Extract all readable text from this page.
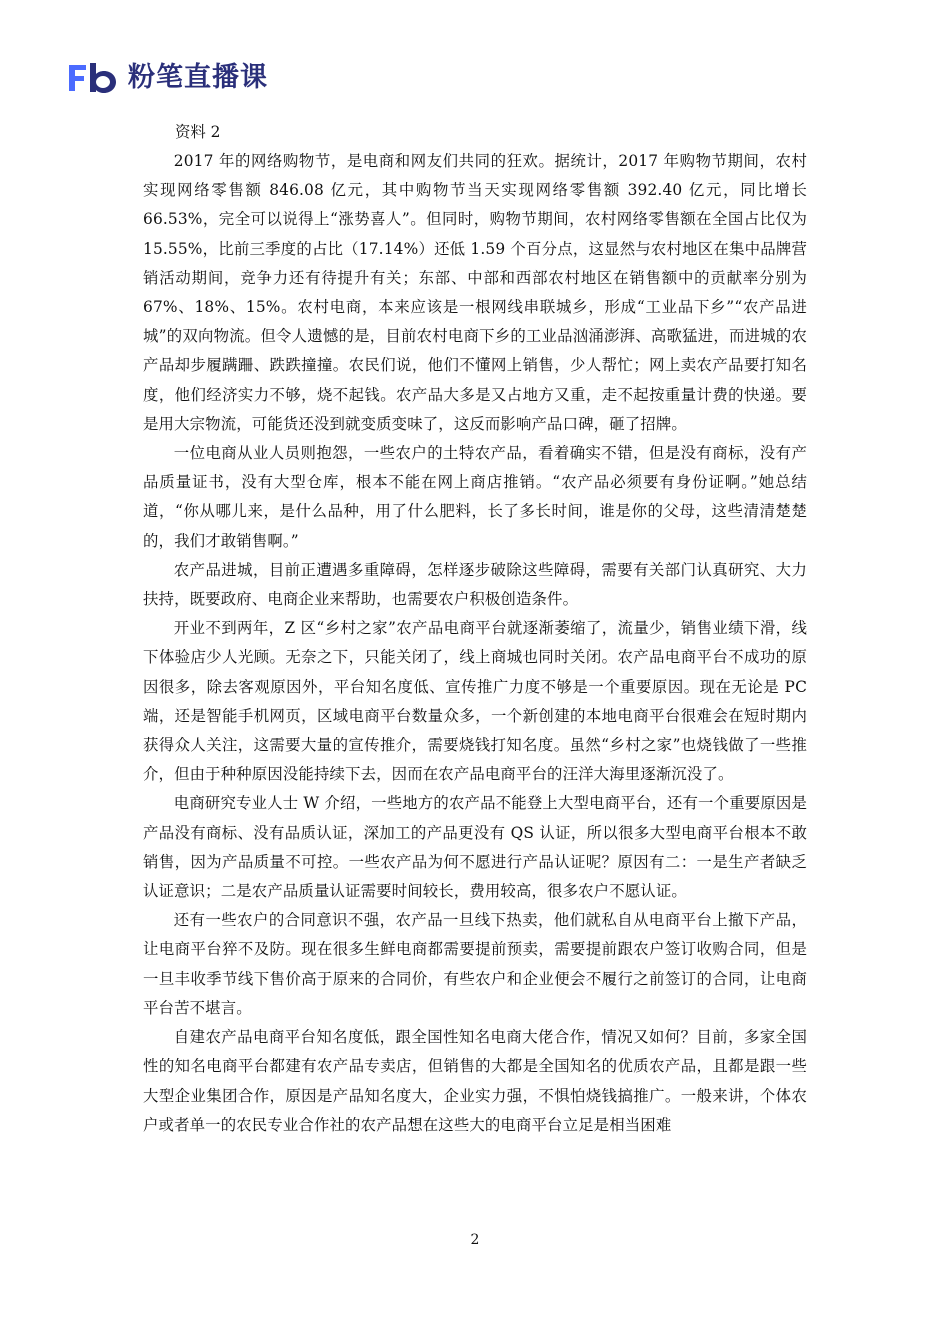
粉笔直播课

资料 2

2017 年的网络购物节，是电商和网友们共同的狂欢。据统计，2017 年购物节期间，农村实现网络零售额 846.08 亿元，其中购物节当天实现网络零售额 392.40 亿元，同比增长 66.53%，完全可以说得上“涨势喜人”。但同时，购物节期间，农村网络零售额在全国占比仅为 15.55%，比前三季度的占比（17.14%）还低 1.59 个百分点，这显然与农村地区在集中品牌营销活动期间，竞争力还有待提升有关；东部、中部和西部农村地区在销售额中的贡献率分别为 67%、18%、15%。农村电商，本来应该是一根网线串联城乡，形成“工业品下乡”“农产品进城”的双向物流。但令人遗憾的是，目前农村电商下乡的工业品汹涌澎湃、高歌猛进，而进城的农产品却步履蹒跚、跌跌撞撞。农民们说，他们不懂网上销售，少人帮忙；网上卖农产品要打知名度，他们经济实力不够，烧不起钱。农产品大多是又占地方又重，走不起按重量计费的快递。要是用大宗物流，可能货还没到就变质变味了，这反而影响产品口碑，砸了招牌。

一位电商从业人员则抱怨，一些农户的土特农产品，看着确实不错，但是没有商标，没有产品质量证书，没有大型仓库，根本不能在网上商店推销。“农产品必须要有身份证啊。”她总结道，“你从哪儿来，是什么品种，用了什么肥料，长了多长时间，谁是你的父母，这些清清楚楚的，我们才敢销售啊。”

农产品进城，目前正遭遇多重障碍，怎样逐步破除这些障碍，需要有关部门认真研究、大力扶持，既要政府、电商企业来帮助，也需要农户积极创造条件。

开业不到两年，Z 区“乡村之家”农产品电商平台就逐渐萎缩了，流量少，销售业绩下滑，线下体验店少人光顾。无奈之下，只能关闭了，线上商城也同时关闭。农产品电商平台不成功的原因很多，除去客观原因外，平台知名度低、宣传推广力度不够是一个重要原因。现在无论是 PC 端，还是智能手机网页，区域电商平台数量众多，一个新创建的本地电商平台很难会在短时期内获得众人关注，这需要大量的宣传推介，需要烧钱打知名度。虽然“乡村之家”也烧钱做了一些推介，但由于种种原因没能持续下去，因而在农产品电商平台的汪洋大海里逐渐沉没了。

电商研究专业人士 W 介绍，一些地方的农产品不能登上大型电商平台，还有一个重要原因是产品没有商标、没有品质认证，深加工的产品更没有 QS 认证，所以很多大型电商平台根本不敢销售，因为产品质量不可控。一些农产品为何不愿进行产品认证呢？原因有二：一是生产者缺乏认证意识；二是农产品质量认证需要时间较长，费用较高，很多农户不愿认证。

还有一些农户的合同意识不强，农产品一旦线下热卖，他们就私自从电商平台上撤下产品，让电商平台猝不及防。现在很多生鲜电商都需要提前预卖，需要提前跟农户签订收购合同，但是一旦丰收季节线下售价高于原来的合同价，有些农户和企业便会不履行之前签订的合同，让电商平台苦不堪言。

自建农产品电商平台知名度低，跟全国性知名电商大佬合作，情况又如何？目前，多家全国性的知名电商平台都建有农产品专卖店，但销售的大都是全国知名的优质农产品，且都是跟一些大型企业集团合作，原因是产品知名度大，企业实力强，不惧怕烧钱搞推广。一般来讲，个体农户或者单一的农民专业合作社的农产品想在这些大的电商平台立足是相当困难

2
